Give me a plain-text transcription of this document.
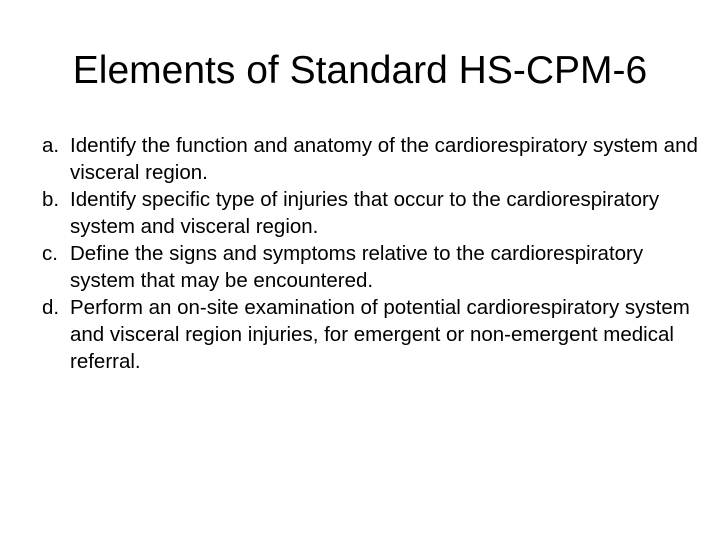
Elements of Standard HS-CPM-6
a. Identify the function and anatomy of the cardiorespiratory system and visceral region.
b. Identify specific type of injuries that occur to the cardiorespiratory system and visceral region.
c. Define the signs and symptoms relative to the cardiorespiratory system that may be encountered.
d. Perform an on-site examination of potential cardiorespiratory system and visceral region injuries, for emergent or non-emergent medical referral.
